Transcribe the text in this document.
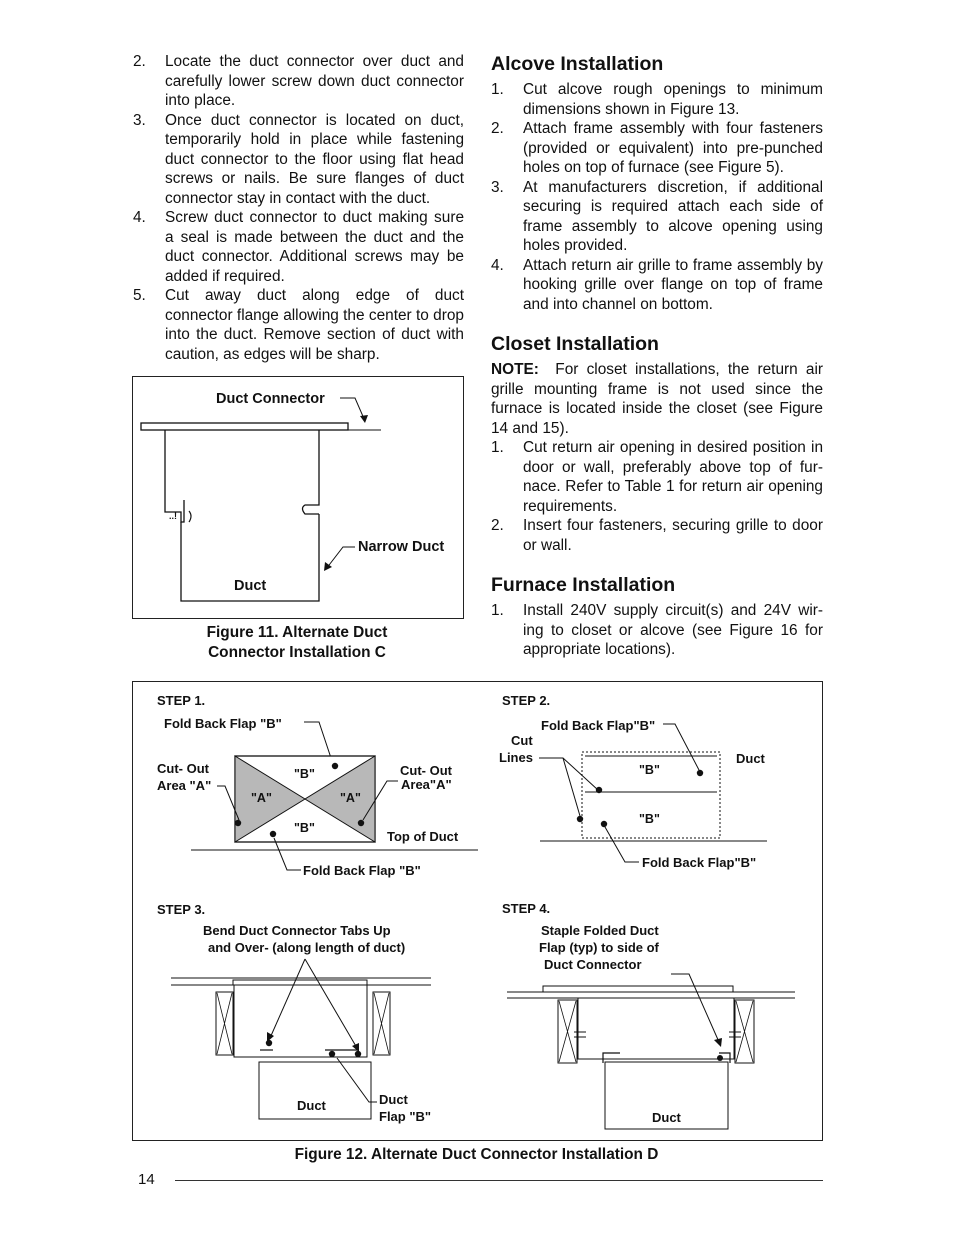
2. Locate the duct connector over duct and carefully lower screw down duct connector into place.
3. Once duct connector is located on duct, temporarily hold in place while fastening duct connector to the floor using flat head screws or nails. Be sure flanges of duct connector stay in contact with the duct.
4. Screw duct connector to duct making sure a seal is made between the duct and the duct connector. Additional screws may be added if required.
5. Cut away duct along edge of duct connector flange allowing the center to drop into the duct. Remove section of duct with caution, as edges will be sharp.
Alcove Installation
1. Cut alcove rough openings to minimum dimensions shown in Figure 13.
2. Attach frame assembly with four fasteners (provided or equivalent) into pre-punched holes on top of furnace (see Figure 5).
3. At manufacturers discretion, if additional securing is required attach each side of frame assembly to alcove opening using holes provided.
4. Attach return air grille to frame assembly by hooking grille over flange on top of frame and into channel on bottom.
Closet Installation

NOTE: For closet installations, the return air grille mounting frame is not used since the furnace is located inside the closet (see Figure 14 and 15).

1. Cut return air opening in desired position in door or wall, preferably above top of fur-nace. Refer to Table 1 for return air opening requirements.
2. Insert four fasteners, securing grille to door or wall.
Furnace Installation
1. Install 240V supply circuit(s) and 24V wir-ing to closet or alcove (see Figure 16 for appropriate locations).
..!
Duct Connector
Narrow Duct
Duct
Figure 11. Alternate Duct
Connector Installation C
STEP 1.
Fold Back Flap "B"
"B"
"B"
"A"	"A"
Cut- Out
Area "A"
Cut- Out
Area"A"
Top of Duct
Fold Back Flap "B"
STEP 2.
Fold Back Flap"B"
Cut
Lines
"B"
"B"
Duct
Fold Back Flap"B"
STEP 3.
Bend Duct Connector Tabs Up
and Over- (along length of duct)
Duct	Duct
Flap "B"
STEP 4.
Staple Folded Duct
Flap (typ) to side of
Duct Connector
Duct
Figure 12. Alternate Duct Connector Installation D
14
